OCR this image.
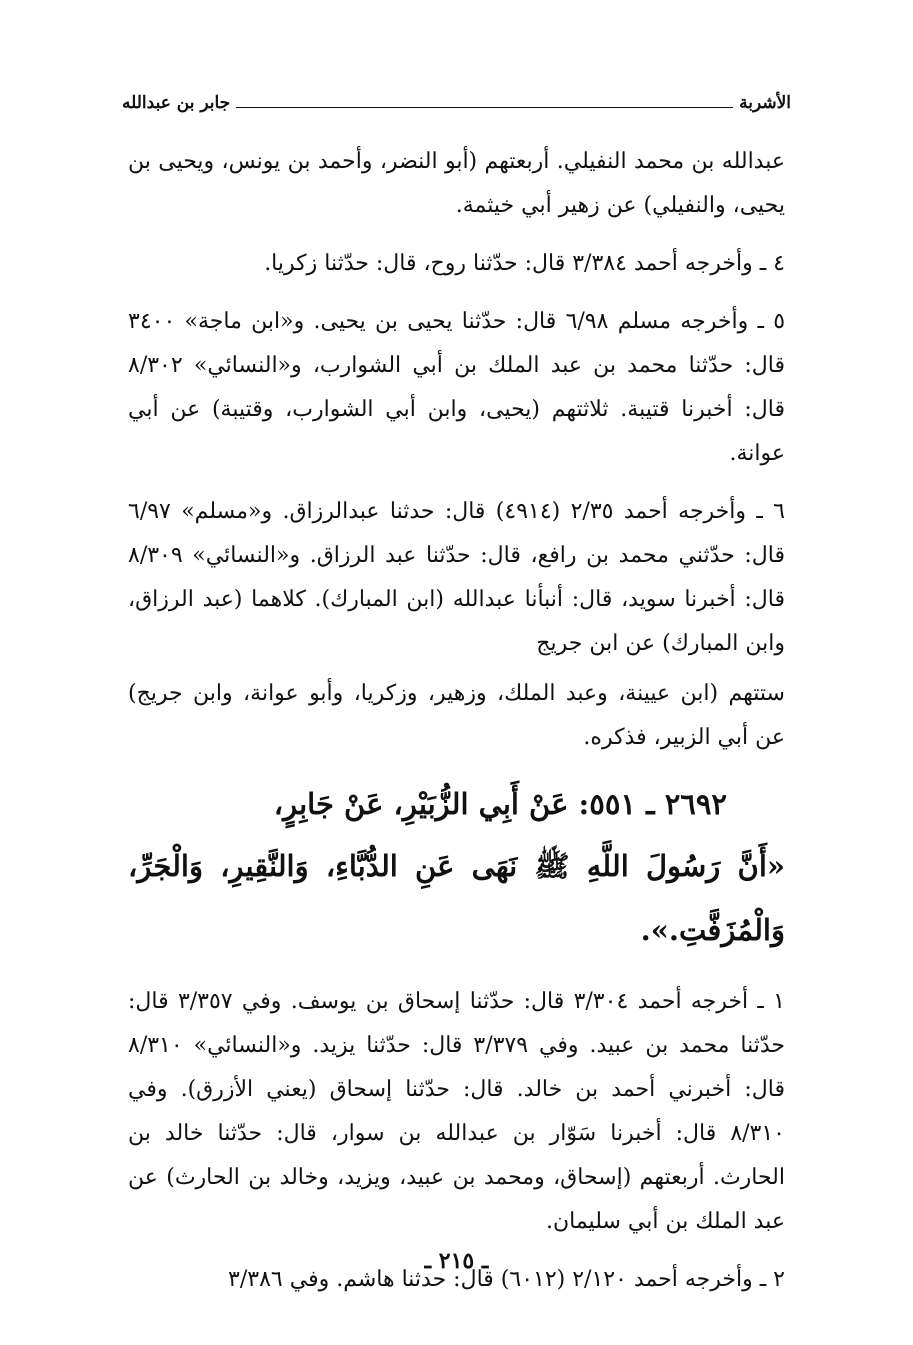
الأشربة
جابر بن عبدالله

عبدالله بن محمد النفيلي. أربعتهم (أبو النضر، وأحمد بن يونس، ويحيى بن يحيى، والنفيلي) عن زهير أبي خيثمة.

٤ ـ وأخرجه أحمد ٣/٣٨٤ قال: حدّثنا روح، قال: حدّثنا زكريا.

٥ ـ وأخرجه مسلم ٦/٩٨ قال: حدّثنا يحيى بن يحيى. و«ابن ماجة» ٣٤٠٠ قال: حدّثنا محمد بن عبد الملك بن أبي الشوارب، و«النسائي» ٨/٣٠٢ قال: أخبرنا قتيبة. ثلاثتهم (يحيى، وابن أبي الشوارب، وقتيبة) عن أبي عوانة.

٦ ـ وأخرجه أحمد ٢/٣٥ (٤٩١٤) قال: حدثنا عبدالرزاق. و«مسلم» ٦/٩٧ قال: حدّثني محمد بن رافع، قال: حدّثنا عبد الرزاق. و«النسائي» ٨/٣٠٩ قال: أخبرنا سويد، قال: أنبأنا عبدالله (ابن المبارك). كلاهما (عبد الرزاق، وابن المبارك) عن ابن جريج

ستتهم (ابن عيينة، وعبد الملك، وزهير، وزكريا، وأبو عوانة، وابن جريج) عن أبي الزبير، فذكره.

٢٦٩٢ ـ ٥٥١: عَنْ أَبِي الزُّبَيْرِ، عَنْ جَابِرٍ،

«أَنَّ رَسُولَ اللَّهِ ﷺ نَهَى عَنِ الدُّبَّاءِ، وَالنَّقِيرِ، وَالْجَرِّ، وَالْمُزَفَّتِ.».

١ ـ أخرجه أحمد ٣/٣٠٤ قال: حدّثنا إسحاق بن يوسف. وفي ٣/٣٥٧ قال: حدّثنا محمد بن عبيد. وفي ٣/٣٧٩ قال: حدّثنا يزيد. و«النسائي» ٨/٣١٠ قال: أخبرني أحمد بن خالد. قال: حدّثنا إسحاق (يعني الأزرق). وفي ٨/٣١٠ قال: أخبرنا سَوّار بن عبدالله بن سوار، قال: حدّثنا خالد بن الحارث. أربعتهم (إسحاق، ومحمد بن عبيد، ويزيد، وخالد بن الحارث) عن عبد الملك بن أبي سليمان.

٢ ـ وأخرجه أحمد ٢/١٢٠ (٦٠١٢) قال: حدثنا هاشم. وفي ٣/٣٨٦

ـ ٢١٥ ـ
